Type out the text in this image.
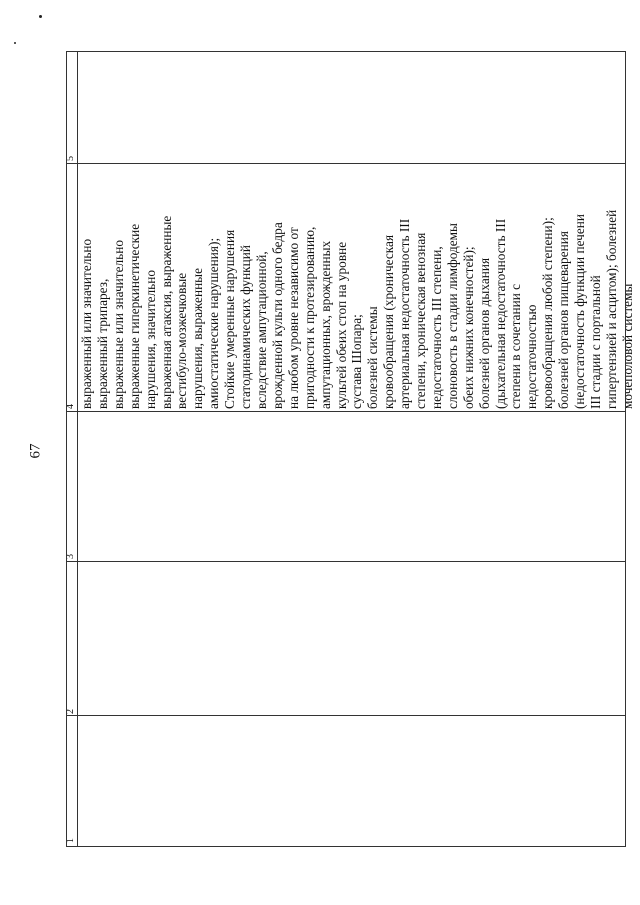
67
1
2
3
4 выраженный или значительно выраженный трипарез, выраженные или значительно выраженные гиперкинетические нарушения, значительно выраженная атаксия, выраженные вестибуло-мозжечковые нарушения, выраженные амиостатические нарушения); Стойкие умеренные нарушения статодинамических функций вследствие ампутационной, врожденной культи одного бедра на любом уровне независимо от пригодности к протезированию, ампутационных, врожденных культей обеих стоп на уровне сустава Шопара; болезней системы кровообращения (хроническая артериальная недостаточность III степени, хроническая венозная недостаточность III степени, слоновость в стадии лимфодемы обеих нижних конечностей); болезней органов дыхания (дыхательная недостаточность III степени в сочетании с недостаточностью кровообращения любой степени); болезней органов пищеварения (недостаточность функции печени III стадии с портальной гипертензией и асцитом); болезней мочеполовой системы
5
